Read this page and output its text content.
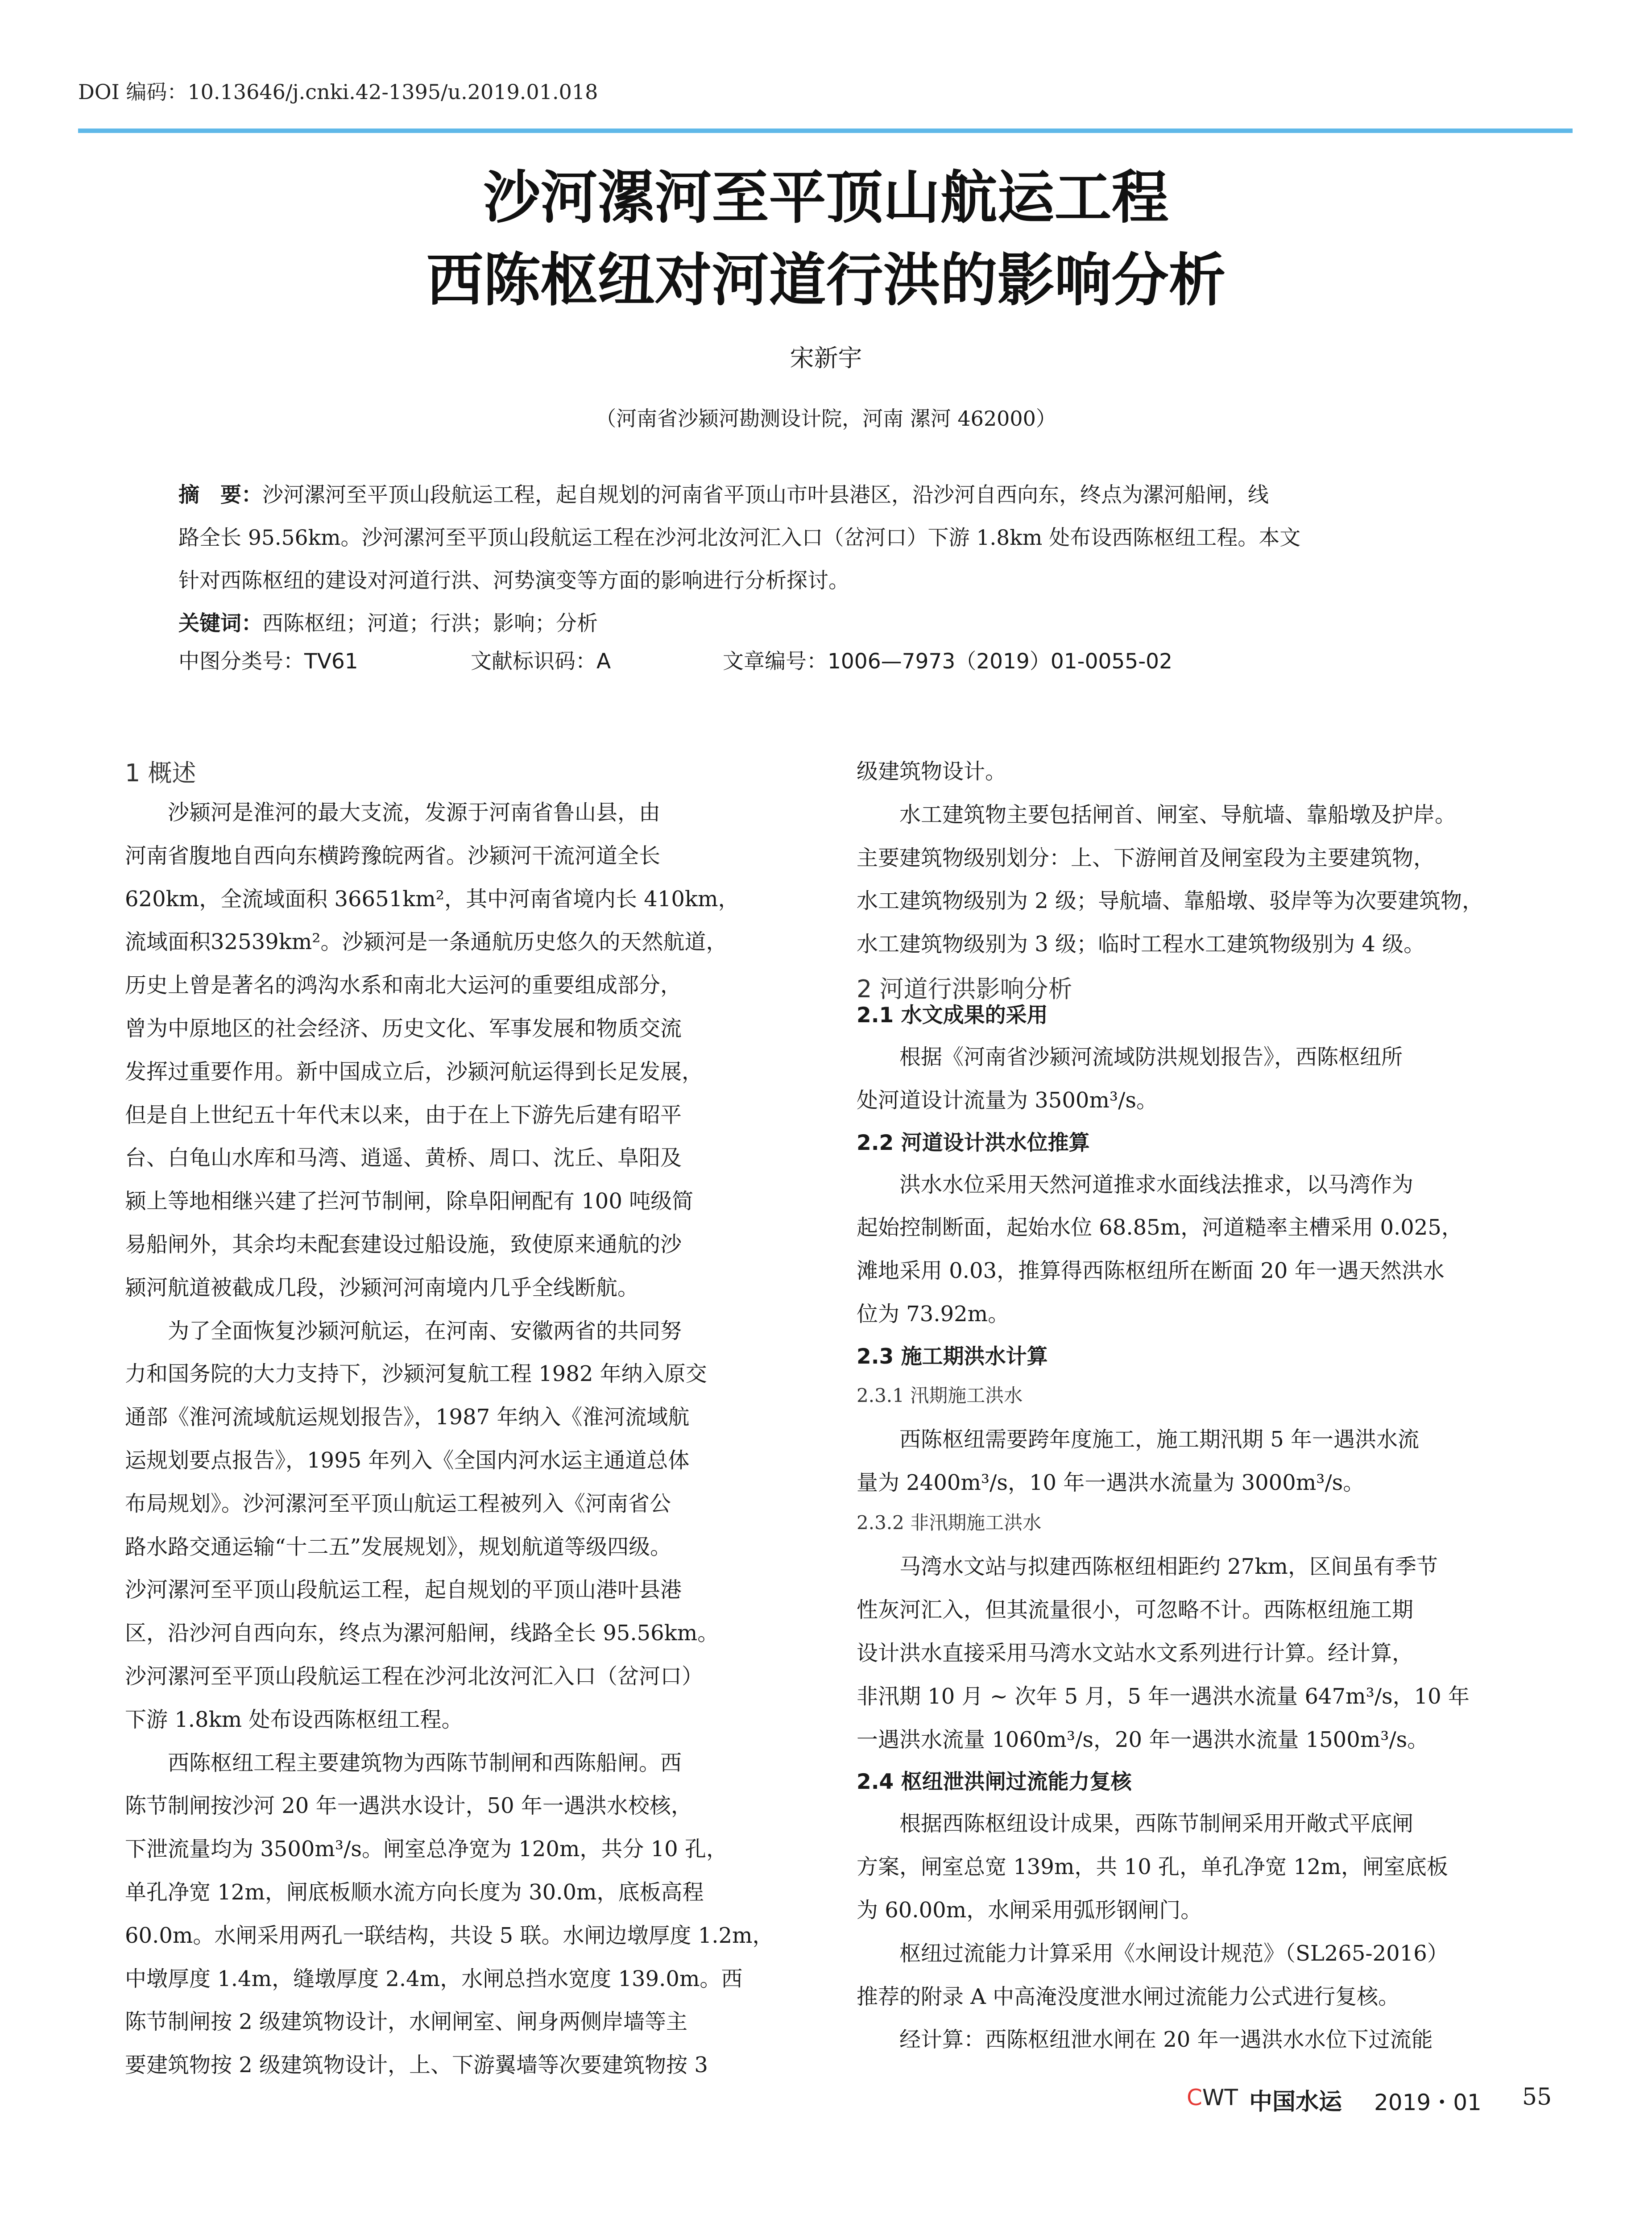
DOI 编码：10.13646/j.cnki.42-1395/u.2019.01.018
沙河漯河至平顶山航运工程
西陈枢纽对河道行洪的影响分析
宋新宇
（河南省沙颍河勘测设计院，河南 漯河 462000）
摘　要：沙河漯河至平顶山段航运工程，起自规划的河南省平顶山市叶县港区，沿沙河自西向东，终点为漯河船闸，线
路全长 95.56km。沙河漯河至平顶山段航运工程在沙河北汝河汇入口（岔河口）下游 1.8km 处布设西陈枢纽工程。本文
针对西陈枢纽的建设对河道行洪、河势演变等方面的影响进行分析探讨。
关键词：西陈枢纽；河道；行洪；影响；分析
中图分类号：TV61	文献标识码：A	文章编号：1006—7973（2019）01-0055-02
1 概述
　　沙颍河是淮河的最大支流，发源于河南省鲁山县，由
河南省腹地自西向东横跨豫皖两省。沙颍河干流河道全长
620km，全流域面积 36651km²，其中河南省境内长 410km，
流域面积32539km²。沙颍河是一条通航历史悠久的天然航道，
历史上曾是著名的鸿沟水系和南北大运河的重要组成部分，
曾为中原地区的社会经济、历史文化、军事发展和物质交流
发挥过重要作用。新中国成立后，沙颍河航运得到长足发展，
但是自上世纪五十年代末以来，由于在上下游先后建有昭平
台、白龟山水库和马湾、逍遥、黄桥、周口、沈丘、阜阳及
颍上等地相继兴建了拦河节制闸，除阜阳闸配有 100 吨级简
易船闸外，其余均未配套建设过船设施，致使原来通航的沙
颍河航道被截成几段，沙颍河河南境内几乎全线断航。
　　为了全面恢复沙颍河航运，在河南、安徽两省的共同努
力和国务院的大力支持下，沙颍河复航工程 1982 年纳入原交
通部《淮河流域航运规划报告》，1987 年纳入《淮河流域航
运规划要点报告》，1995 年列入《全国内河水运主通道总体
布局规划》。沙河漯河至平顶山航运工程被列入《河南省公
路水路交通运输“十二五”发展规划》，规划航道等级四级。
沙河漯河至平顶山段航运工程，起自规划的平顶山港叶县港
区，沿沙河自西向东，终点为漯河船闸，线路全长 95.56km。
沙河漯河至平顶山段航运工程在沙河北汝河汇入口（岔河口）
下游 1.8km 处布设西陈枢纽工程。
　　西陈枢纽工程主要建筑物为西陈节制闸和西陈船闸。西
陈节制闸按沙河 20 年一遇洪水设计，50 年一遇洪水校核，
下泄流量均为 3500m³/s。闸室总净宽为 120m，共分 10 孔，
单孔净宽 12m，闸底板顺水流方向长度为 30.0m，底板高程
60.0m。水闸采用两孔一联结构，共设 5 联。水闸边墩厚度 1.2m，
中墩厚度 1.4m，缝墩厚度 2.4m，水闸总挡水宽度 139.0m。西
陈节制闸按 2 级建筑物设计，水闸闸室、闸身两侧岸墙等主
要建筑物按 2 级建筑物设计，上、下游翼墙等次要建筑物按 3
级建筑物设计。
　　水工建筑物主要包括闸首、闸室、导航墙、靠船墩及护岸。
主要建筑物级别划分：上、下游闸首及闸室段为主要建筑物，
水工建筑物级别为 2 级；导航墙、靠船墩、驳岸等为次要建筑物，
水工建筑物级别为 3 级；临时工程水工建筑物级别为 4 级。
2 河道行洪影响分析
2.1 水文成果的采用
　　根据《河南省沙颍河流域防洪规划报告》，西陈枢纽所
处河道设计流量为 3500m³/s。
2.2 河道设计洪水位推算
　　洪水水位采用天然河道推求水面线法推求，以马湾作为
起始控制断面，起始水位 68.85m，河道糙率主槽采用 0.025，
滩地采用 0.03，推算得西陈枢纽所在断面 20 年一遇天然洪水
位为 73.92m。
2.3 施工期洪水计算
2.3.1 汛期施工洪水
　　西陈枢纽需要跨年度施工，施工期汛期 5 年一遇洪水流
量为 2400m³/s，10 年一遇洪水流量为 3000m³/s。
2.3.2 非汛期施工洪水
　　马湾水文站与拟建西陈枢纽相距约 27km，区间虽有季节
性灰河汇入，但其流量很小，可忽略不计。西陈枢纽施工期
设计洪水直接采用马湾水文站水文系列进行计算。经计算，
非汛期 10 月 ~ 次年 5 月，5 年一遇洪水流量 647m³/s，10 年
一遇洪水流量 1060m³/s，20 年一遇洪水流量 1500m³/s。
2.4 枢纽泄洪闸过流能力复核
　　根据西陈枢纽设计成果，西陈节制闸采用开敞式平底闸
方案，闸室总宽 139m，共 10 孔，单孔净宽 12m，闸室底板
为 60.00m，水闸采用弧形钢闸门。
　　枢纽过流能力计算采用《水闸设计规范》（SL265-2016）
推荐的附录 A 中高淹没度泄水闸过流能力公式进行复核。
　　经计算：西陈枢纽泄水闸在 20 年一遇洪水水位下过流能
CWT 中国水运 2019・01 55
